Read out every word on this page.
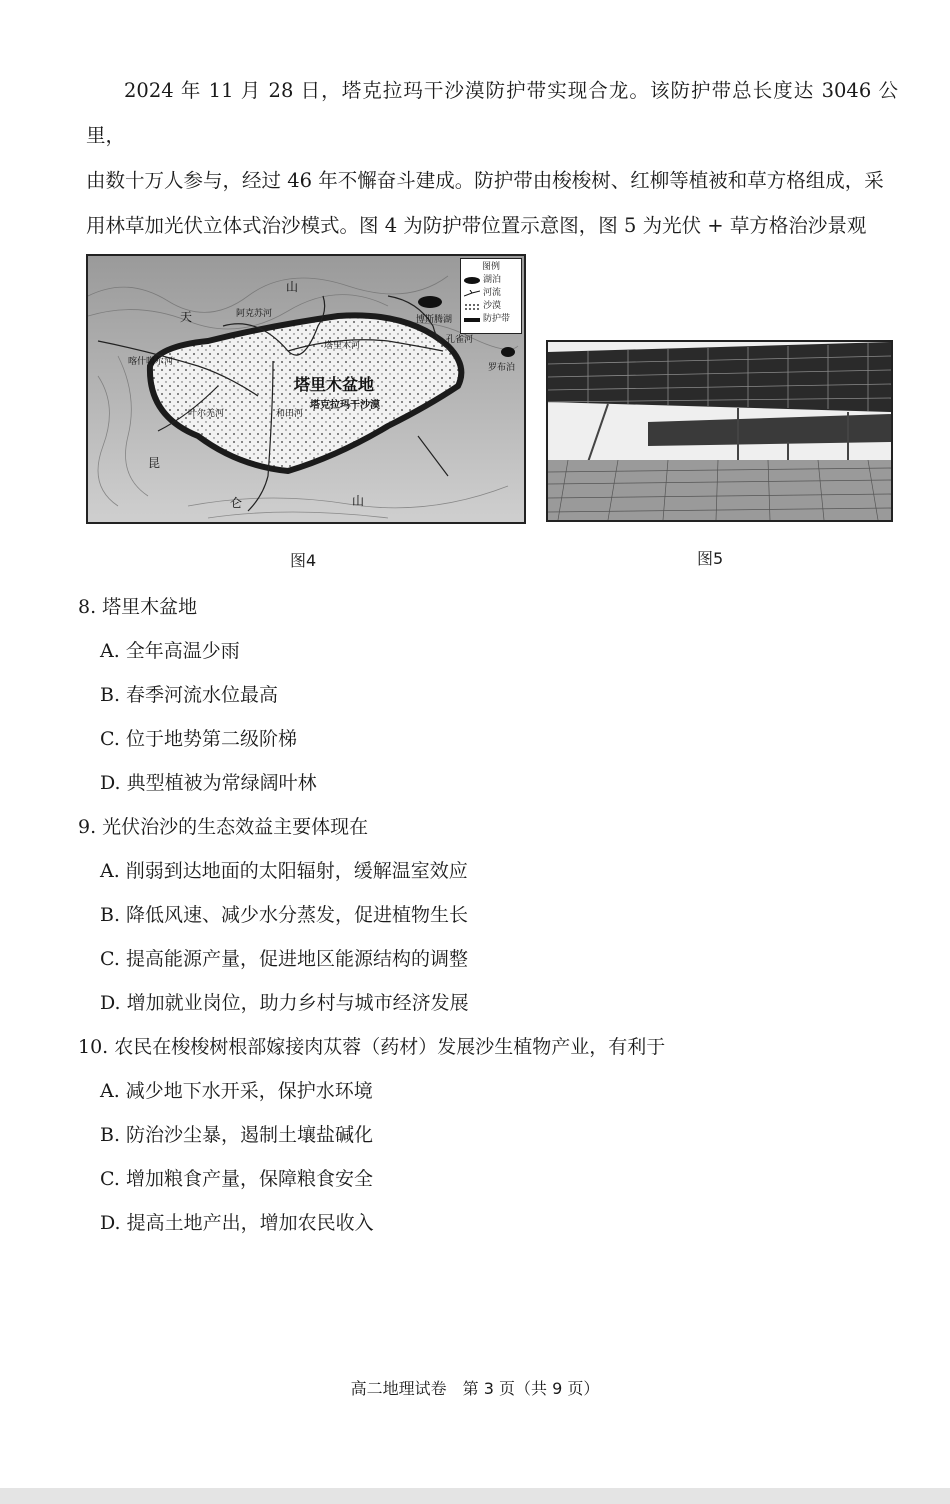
2024 年 11 月 28 日，塔克拉玛干沙漠防护带实现合龙。该防护带总长度达 3046 公里，
由数十万人参与，经过 46 年不懈奋斗建成。防护带由梭梭树、红柳等植被和草方格组成，采
用林草加光伏立体式治沙模式。图 4 为防护带位置示意图，图 5 为光伏 + 草方格治沙景观
图例
湖泊
河流
沙漠
防护带
天
山
昆
仑	山
塔里木盆地
塔克拉玛干沙漠
阿克苏河
喀什噶尔河
叶尔羌河	和田河
塔里木河
孔雀河
博斯腾湖
罗布泊
图4	图5
8. 塔里木盆地
A. 全年高温少雨
B. 春季河流水位最高
C. 位于地势第二级阶梯
D. 典型植被为常绿阔叶林
9. 光伏治沙的生态效益主要体现在
A. 削弱到达地面的太阳辐射，缓解温室效应
B. 降低风速、减少水分蒸发，促进植物生长
C. 提高能源产量，促进地区能源结构的调整
D. 增加就业岗位，助力乡村与城市经济发展
10. 农民在梭梭树根部嫁接肉苁蓉（药材）发展沙生植物产业，有利于
A. 减少地下水开采，保护水环境
B. 防治沙尘暴，遏制土壤盐碱化
C. 增加粮食产量，保障粮食安全
D. 提高土地产出，增加农民收入
高二地理试卷　第 3 页（共 9 页）
